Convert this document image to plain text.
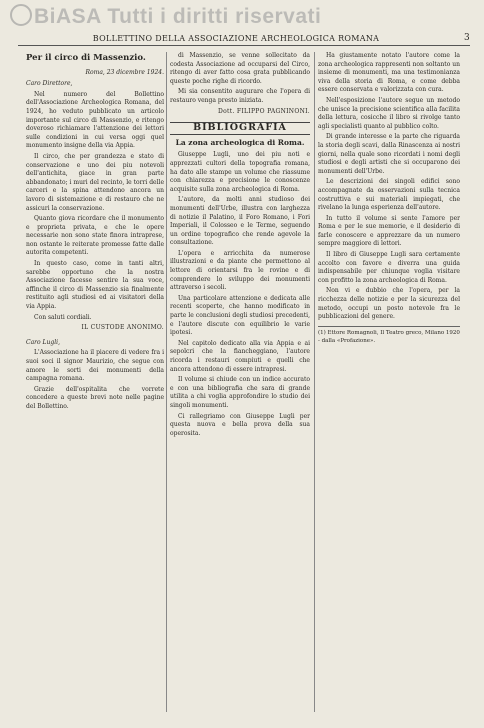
BiASA Tutti i diritti riservati
BOLLETTINO DELLA ASSOCIAZIONE ARCHEOLOGICA ROMANA	3
Per il circo di Massenzio.
Roma, 23 dicembre 1924.
Caro Direttore,

Nel numero del Bollettino dell'Associazione Archeologica Romana, del 1924, ho veduto pubblicato un articolo importante sul circo di Massenzio, e ritengo doveroso richiamare l'attenzione dei lettori sulle condizioni in cui versa oggi quel monumento insigne della via Appia.

Il circo, che per grandezza e stato di conservazione e uno dei piu notevoli dell'antichita, giace in gran parte abbandonato; i muri del recinto, le torri delle carceri e la spina attendono ancora un lavoro di sistemazione e di restauro che ne assicuri la conservazione.

Quanto giova ricordare che il monumento e proprieta privata, e che le opere necessarie non sono state finora intraprese, non ostante le reiterate promesse fatte dalle autorita competenti.

In questo caso, come in tanti altri, sarebbe opportuno che la nostra Associazione facesse sentire la sua voce, affinche il circo di Massenzio sia finalmente restituito agli studiosi ed ai visitatori della via Appia.

Con saluti cordiali.

IL CUSTODE ANONIMO.
Caro Lugli,

L'Associazione ha il piacere di vedere fra i suoi soci il signor Maurizio, che segue con amore le sorti dei monumenti della campagna romana.

Grazie dell'ospitalita che vorrete concedere a queste brevi note nelle pagine del Bollettino.

di Massenzio, se venne sollecitato da codesta Associazione ad occuparsi del Circo, ritengo di aver fatto cosa grata pubblicando queste poche righe di ricordo.

Mi sia consentito augurare che l'opera di restauro venga presto iniziata.

Dott. FILIPPO PAGNINONI.
BIBLIOGRAFIA
La zona archeologica di Roma.

Giuseppe Lugli, uno dei piu noti e apprezzati cultori della topografia romana, ha dato alle stampe un volume che riassume con chiarezza e precisione le conoscenze acquisite sulla zona archeologica di Roma.

L'autore, da molti anni studioso dei monumenti dell'Urbe, illustra con larghezza di notizie il Palatino, il Foro Romano, i Fori Imperiali, il Colosseo e le Terme, seguendo un ordine topografico che rende agevole la consultazione.

L'opera e arricchita da numerose illustrazioni e da piante che permettono al lettore di orientarsi fra le rovine e di comprendere lo sviluppo dei monumenti attraverso i secoli.

Una particolare attenzione e dedicata alle recenti scoperte, che hanno modificato in parte le conclusioni degli studiosi precedenti, e l'autore discute con equilibrio le varie ipotesi.

Nel capitolo dedicato alla via Appia e ai sepolcri che la fiancheggiano, l'autore ricorda i restauri compiuti e quelli che ancora attendono di essere intrapresi.

Il volume si chiude con un indice accurato e con una bibliografia che sara di grande utilita a chi voglia approfondire lo studio dei singoli monumenti.

Ci rallegriamo con Giuseppe Lugli per questa nuova e bella prova della sua operosita.

Ha giustamente notato l'autore come la zona archeologica rappresenti non soltanto un insieme di monumenti, ma una testimonianza viva della storia di Roma, e come debba essere conservata e valorizzata con cura.

Nell'esposizione l'autore segue un metodo che unisce la precisione scientifica alla facilita della lettura, cosicche il libro si rivolge tanto agli specialisti quanto al pubblico colto.

Di grande interesse e la parte che riguarda la storia degli scavi, dalla Rinascenza ai nostri giorni, nella quale sono ricordati i nomi degli studiosi e degli artisti che si occuparono dei monumenti dell'Urbe.

Le descrizioni dei singoli edifici sono accompagnate da osservazioni sulla tecnica costruttiva e sui materiali impiegati, che rivelano la lunga esperienza dell'autore.

In tutto il volume si sente l'amore per Roma e per le sue memorie, e il desiderio di farle conoscere e apprezzare da un numero sempre maggiore di lettori.

Il libro di Giuseppe Lugli sara certamente accolto con favore e diverra una guida indispensabile per chiunque voglia visitare con profitto la zona archeologica di Roma.

Non vi e dubbio che l'opera, per la ricchezza delle notizie e per la sicurezza del metodo, occupi un posto notevole fra le pubblicazioni del genere.

(1) Ettore Romagnoli, Il Teatro greco, Milano 1920 - dalla «Profazione».
